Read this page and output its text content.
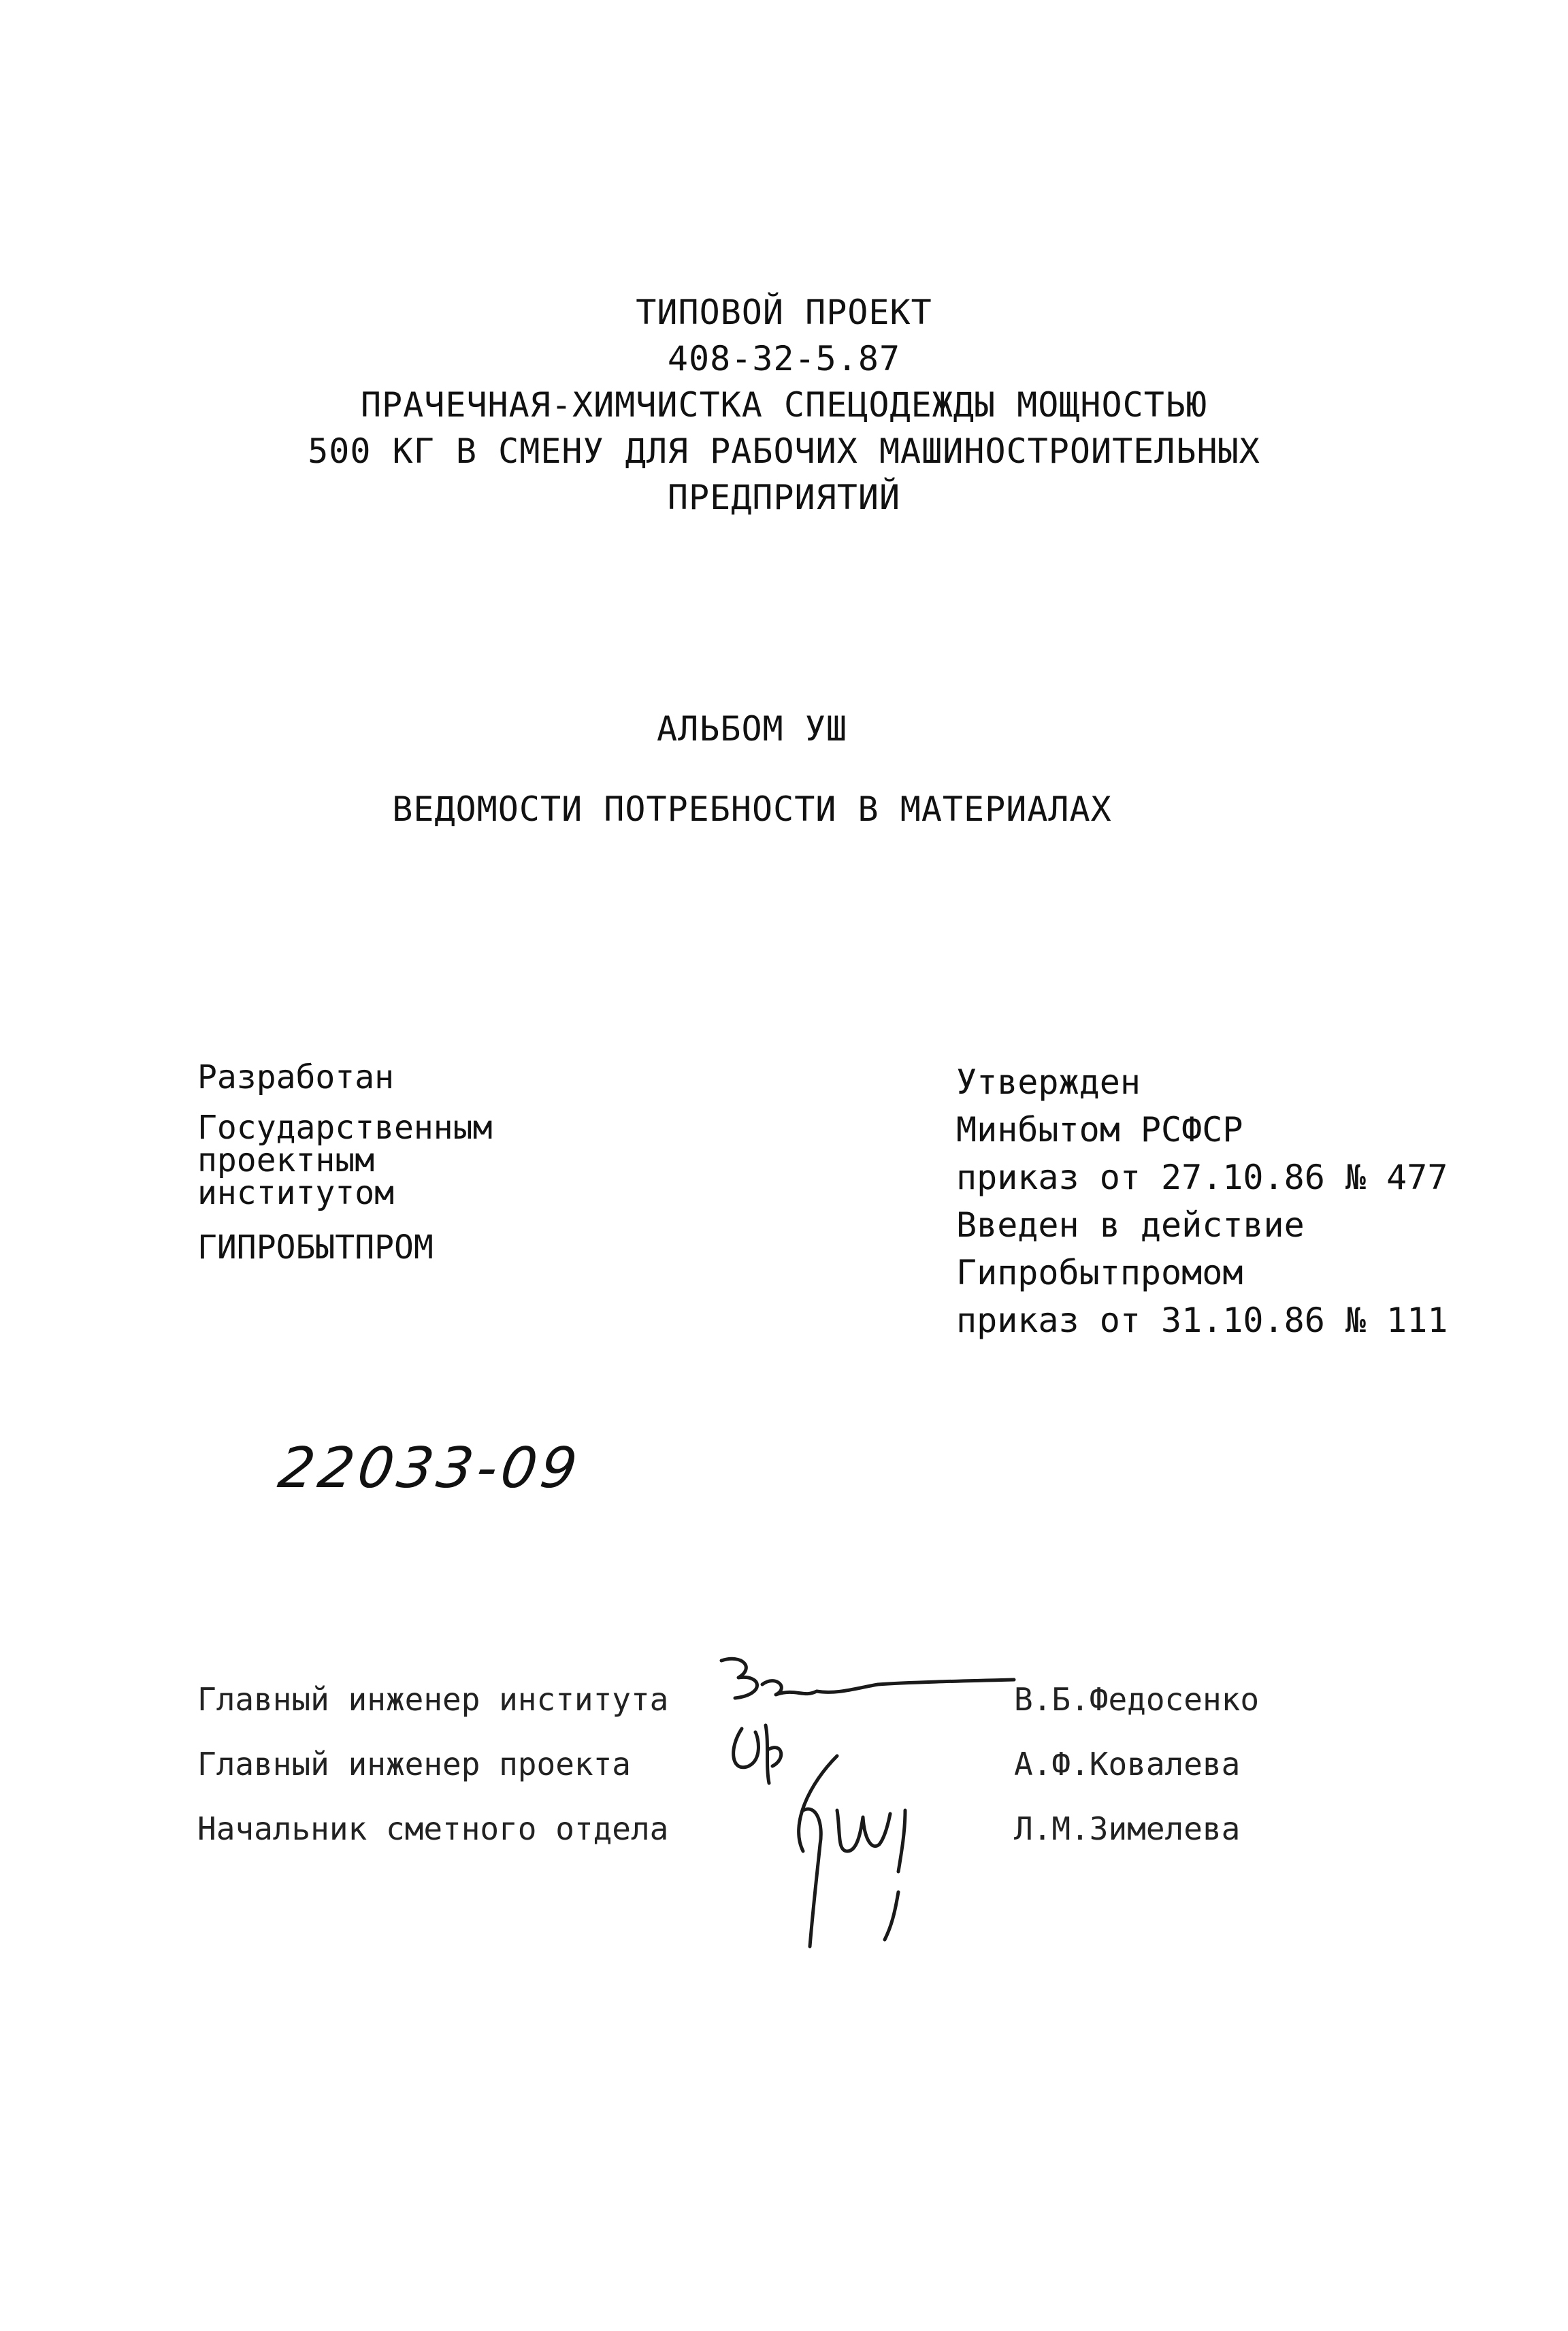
ТИПОВОЙ ПРОЕКТ
408-32-5.87
ПРАЧЕЧНАЯ-ХИМЧИСТКА СПЕЦОДЕЖДЫ МОЩНОСТЬЮ
500 КГ В СМЕНУ ДЛЯ РАБОЧИХ МАШИНОСТРОИТЕЛЬНЫХ
ПРЕДПРИЯТИЙ
АЛЬБОМ УШ
ВЕДОМОСТИ ПОТРЕБНОСТИ В МАТЕРИАЛАХ
Разработан
Государственным
проектным
институтом
ГИПРОБЫТПРОМ
Утвержден
Минбытом РСФСР
приказ от 27.10.86 № 477
Введен в действие
Гипробытпромом
приказ от 31.10.86 № 111
22033-09
Главный инженер института	В.Б.Федосенко
Главный инженер проекта	А.Ф.Ковалева
Начальник сметного отдела	Л.М.Зимелева
